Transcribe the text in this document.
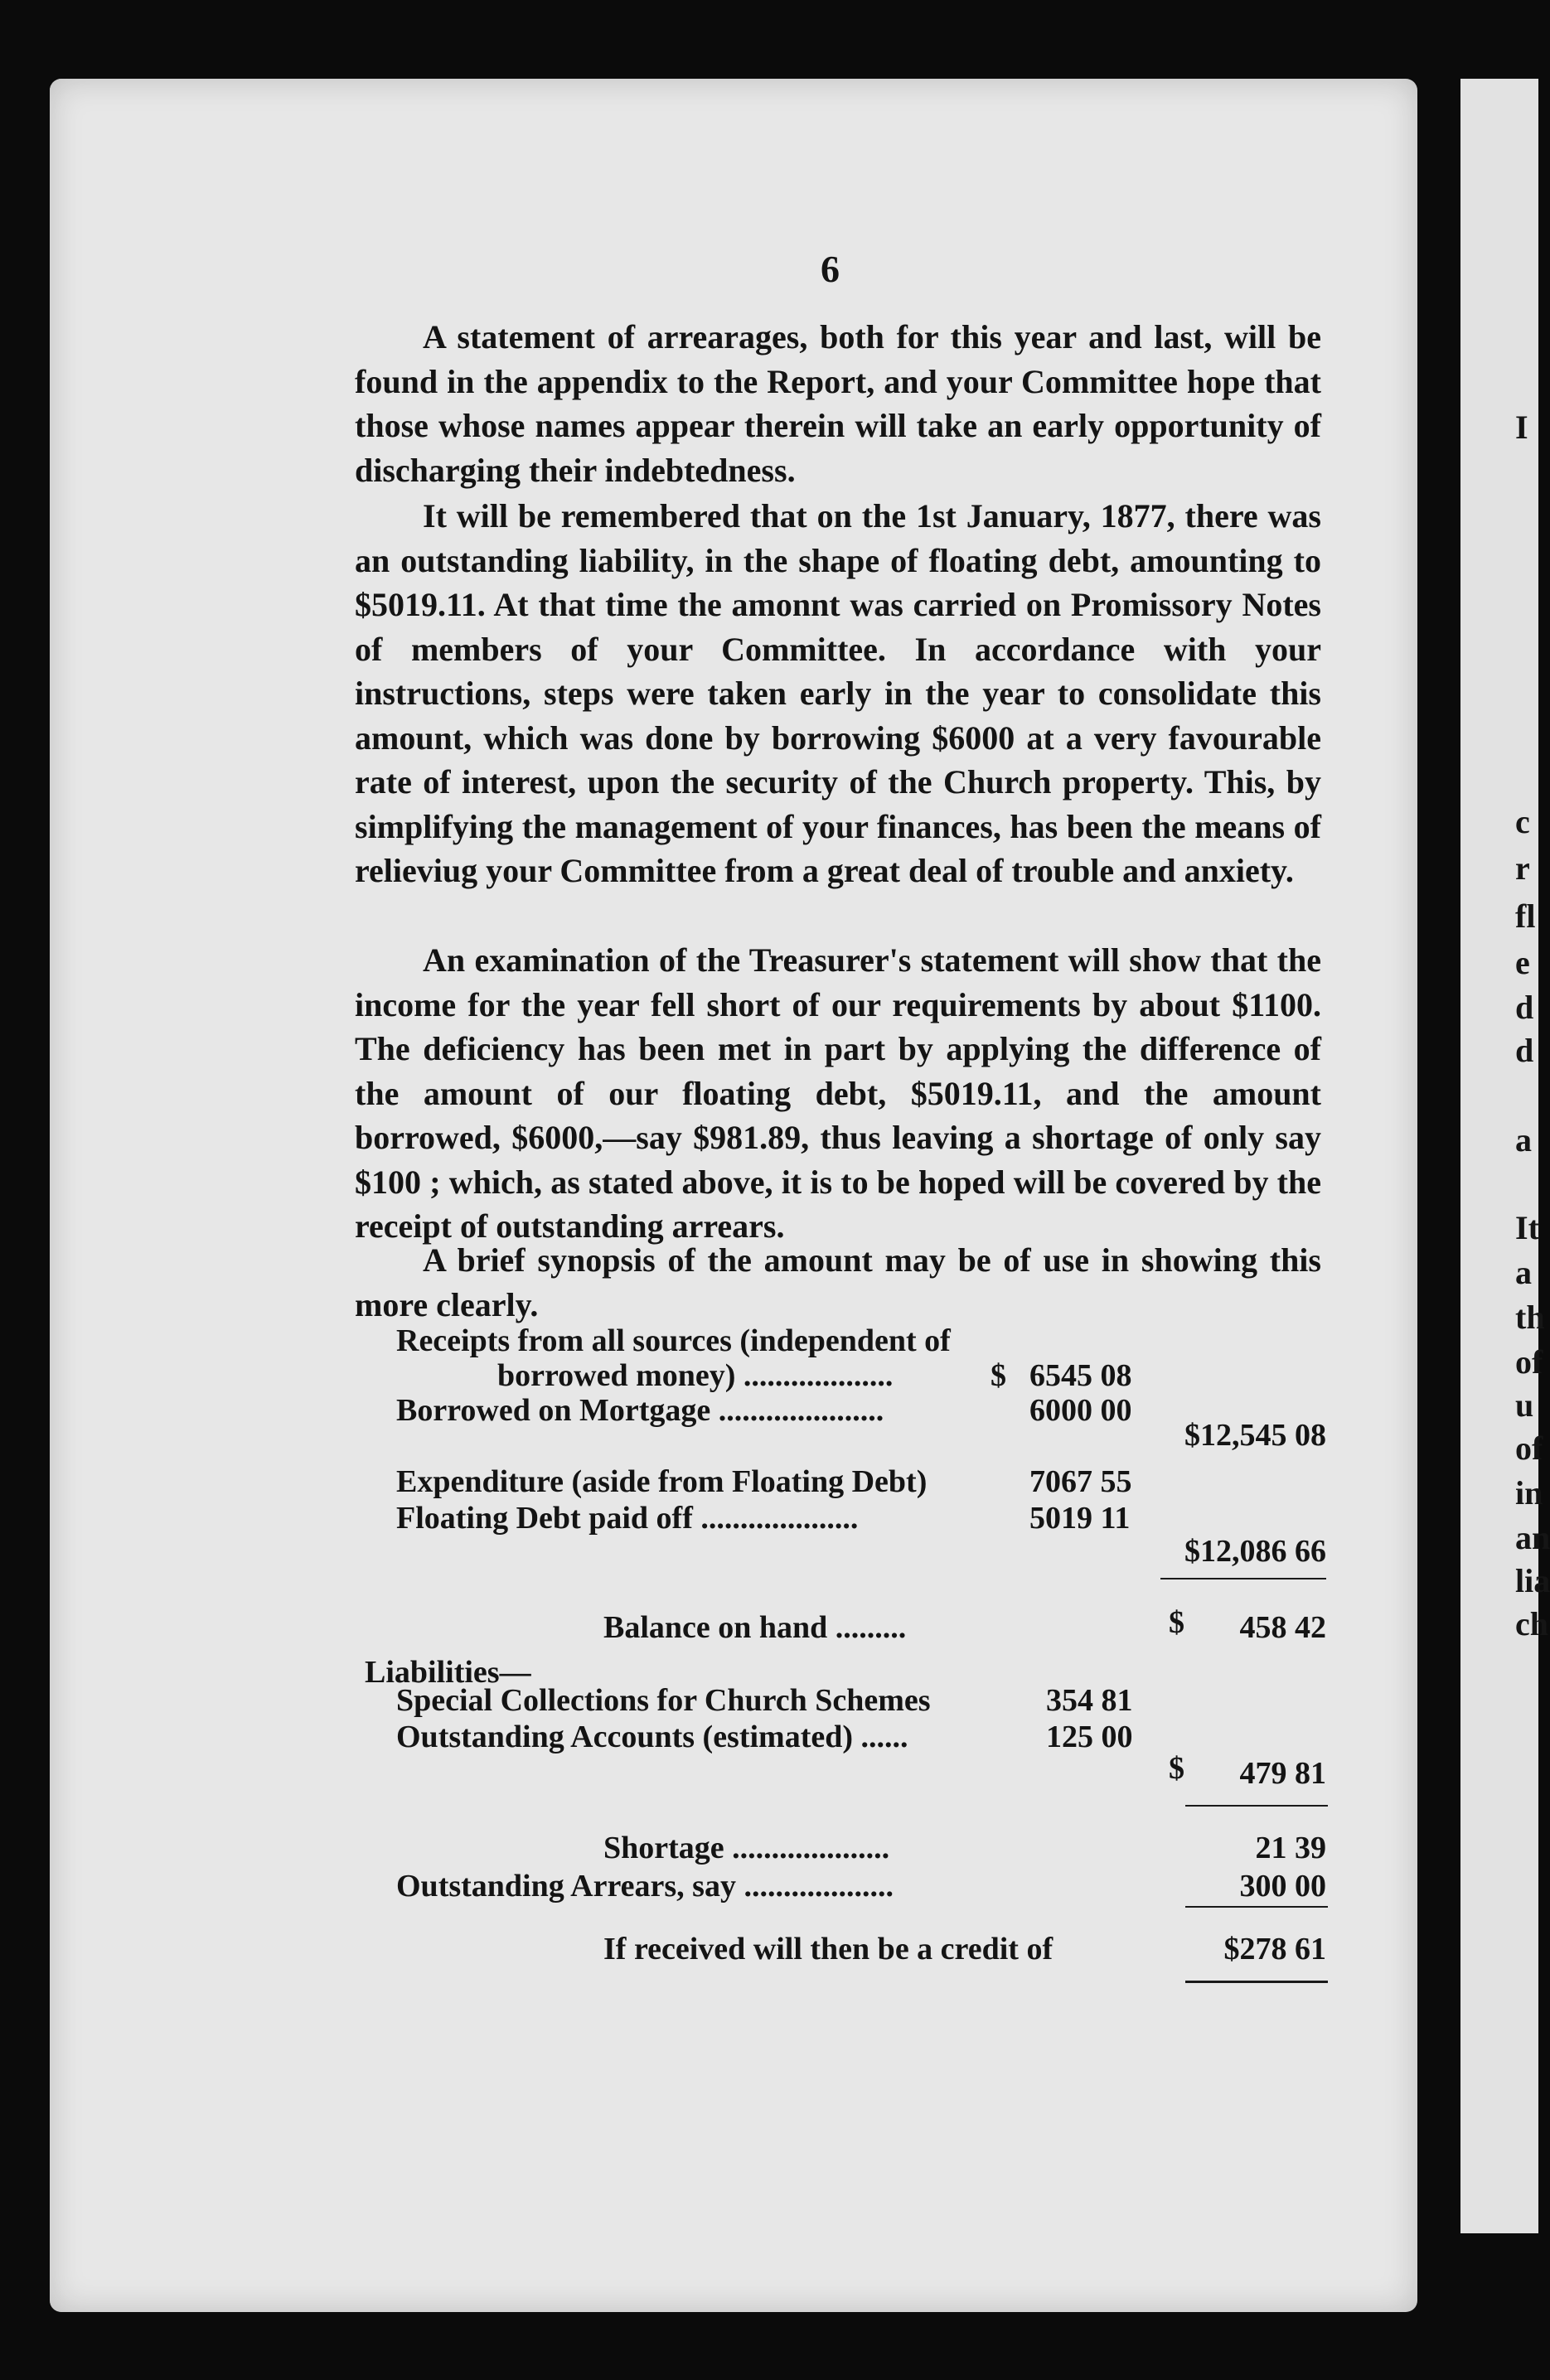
I
c
r
fl
e
d
d
a
It
a
th
of
u
of
in
an
lia
ch
6

A statement of arrearages, both for this year and last, will be found in the appendix to the Report, and your Committee hope that those whose names appear therein will take an early opportunity of discharging their indebtedness.

It will be remembered that on the 1st January, 1877, there was an outstanding liability, in the shape of floating debt, amounting to $5019.11. At that time the amonnt was carried on Promissory Notes of members of your Committee. In accordance with your instructions, steps were taken early in the year to consolidate this amount, which was done by borrowing $6000 at a very favourable rate of interest, upon the security of the Church property. This, by simplifying the management of your finances, has been the means of relieviug your Committee from a great deal of trouble and anxiety.

An examination of the Treasurer's statement will show that the income for the year fell short of our requirements by about $1100. The deficiency has been met in part by applying the difference of the amount of our floating debt, $5019.11, and the amount borrowed, $6000,—say $981.89, thus leaving a shortage of only say $100 ; which, as stated above, it is to be hoped will be covered by the receipt of outstanding arrears.

A brief synopsis of the amount may be of use in showing this more clearly.

Receipts from all sources (independent of
borrowed money) ...................	$ 6545 08
Borrowed on Mortgage .....................	6000 00
$12,545 08
Expenditure (aside from Floating Debt)	7067 55
Floating Debt paid off ....................	5019 11
$12,086 66
Balance on hand .........	$	458 42
Liabilities—
Special Collections for Church Schemes	354 81
Outstanding Accounts (estimated) ......	125 00
$	479 81
Shortage ....................	21 39
Outstanding Arrears, say ...................	300 00
If received will then be a credit of	$278 61
